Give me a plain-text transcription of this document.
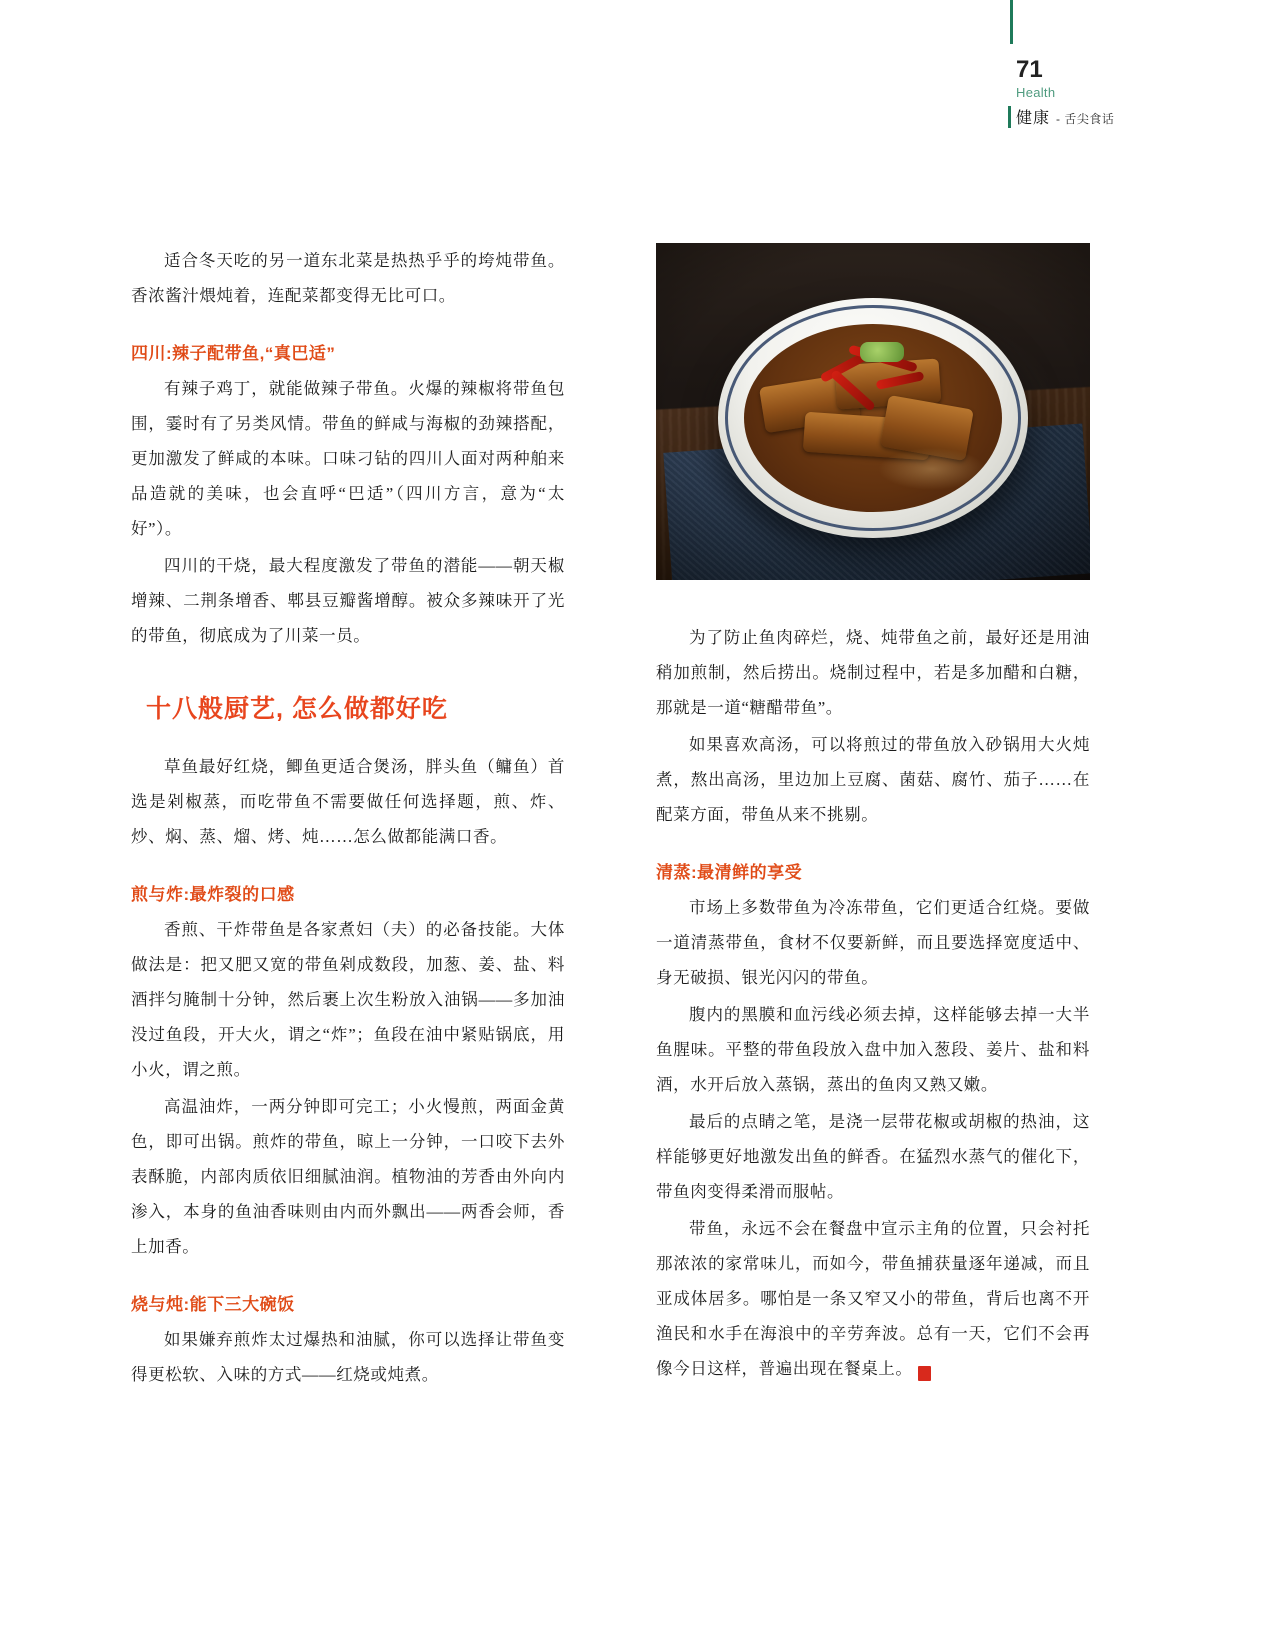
71
Health
健康 - 舌尖食话

适合冬天吃的另一道东北菜是热热乎乎的垮炖带鱼。香浓酱汁煨炖着，连配菜都变得无比可口。

四川:辣子配带鱼,“真巴适”

有辣子鸡丁，就能做辣子带鱼。火爆的辣椒将带鱼包围，霎时有了另类风情。带鱼的鲜咸与海椒的劲辣搭配，更加激发了鲜咸的本味。口味刁钻的四川人面对两种舶来品造就的美味，也会直呼“巴适”（四川方言，意为“太好”）。

四川的干烧，最大程度激发了带鱼的潜能——朝天椒增辣、二荆条增香、郫县豆瓣酱增醇。被众多辣味开了光的带鱼，彻底成为了川菜一员。

十八般厨艺, 怎么做都好吃

草鱼最好红烧，鲫鱼更适合煲汤，胖头鱼（鳙鱼）首选是剁椒蒸，而吃带鱼不需要做任何选择题，煎、炸、炒、焖、蒸、熘、烤、炖……怎么做都能满口香。

煎与炸:最炸裂的口感

香煎、干炸带鱼是各家煮妇（夫）的必备技能。大体做法是：把又肥又宽的带鱼剁成数段，加葱、姜、盐、料酒拌匀腌制十分钟，然后裹上次生粉放入油锅——多加油没过鱼段，开大火，谓之“炸”；鱼段在油中紧贴锅底，用小火，谓之煎。

高温油炸，一两分钟即可完工；小火慢煎，两面金黄色，即可出锅。煎炸的带鱼，晾上一分钟，一口咬下去外表酥脆，内部肉质依旧细腻油润。植物油的芳香由外向内渗入，本身的鱼油香味则由内而外飘出——两香会师，香上加香。

烧与炖:能下三大碗饭

如果嫌弃煎炸太过爆热和油腻，你可以选择让带鱼变得更松软、入味的方式——红烧或炖煮。

为了防止鱼肉碎烂，烧、炖带鱼之前，最好还是用油稍加煎制，然后捞出。烧制过程中，若是多加醋和白糖，那就是一道“糖醋带鱼”。

如果喜欢高汤，可以将煎过的带鱼放入砂锅用大火炖煮，熬出高汤，里边加上豆腐、菌菇、腐竹、茄子……在配菜方面，带鱼从来不挑剔。

清蒸:最清鲜的享受

市场上多数带鱼为冷冻带鱼，它们更适合红烧。要做一道清蒸带鱼，食材不仅要新鲜，而且要选择宽度适中、身无破损、银光闪闪的带鱼。

腹内的黑膜和血污线必须去掉，这样能够去掉一大半鱼腥味。平整的带鱼段放入盘中加入葱段、姜片、盐和料酒，水开后放入蒸锅，蒸出的鱼肉又熟又嫩。

最后的点睛之笔，是浇一层带花椒或胡椒的热油，这样能够更好地激发出鱼的鲜香。在猛烈水蒸气的催化下，带鱼肉变得柔滑而服帖。

带鱼，永远不会在餐盘中宣示主角的位置，只会衬托那浓浓的家常味儿，而如今，带鱼捕获量逐年递减，而且亚成体居多。哪怕是一条又窄又小的带鱼，背后也离不开渔民和水手在海浪中的辛劳奔波。总有一天，它们不会再像今日这样，普遍出现在餐桌上。	S
